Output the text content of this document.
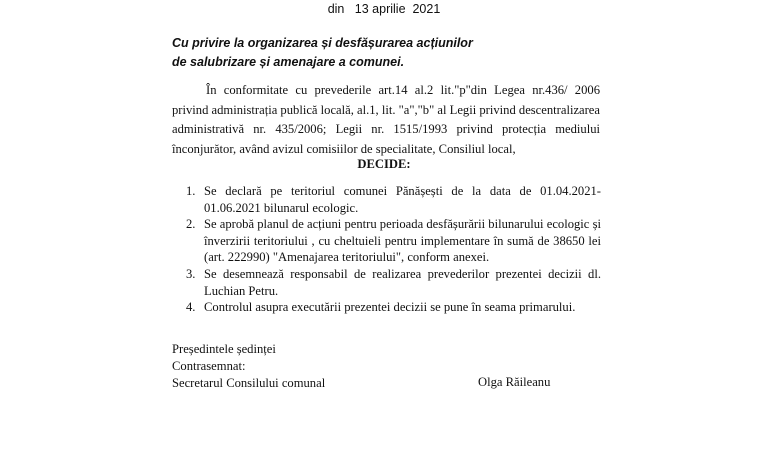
din   13 aprilie  2021
Cu privire la organizarea și desfășurarea acțiunilor
de salubrizare și amenajare a comunei.
În conformitate cu prevederile art.14 al.2 lit."p"din Legea nr.436/ 2006 privind administrația publică locală, al.1, lit. "a","b" al Legii privind descentralizarea administrativă nr. 435/2006; Legii nr. 1515/1993 privind protecția mediului înconjurător, având avizul comisiilor de specialitate, Consiliul local,
DECIDE:
1. Se declară pe teritoriul comunei Pănășești de la data de 01.04.2021-01.06.2021 bilunarul ecologic.
2. Se aprobă planul de acțiuni pentru perioada desfășurării bilunarului ecologic și înverzirii teritoriului , cu cheltuieli pentru implementare în sumă de 38650 lei (art. 222990) "Amenajarea teritoriului", conform anexei.
3. Se desemnează responsabil de realizarea prevederilor prezentei decizii dl. Luchian Petru.
4. Controlul asupra executării prezentei decizii se pune în seama primarului.
Președintele ședinței
Contrasemnat:
Secretarul Consilului comunal	Olga Răileanu
